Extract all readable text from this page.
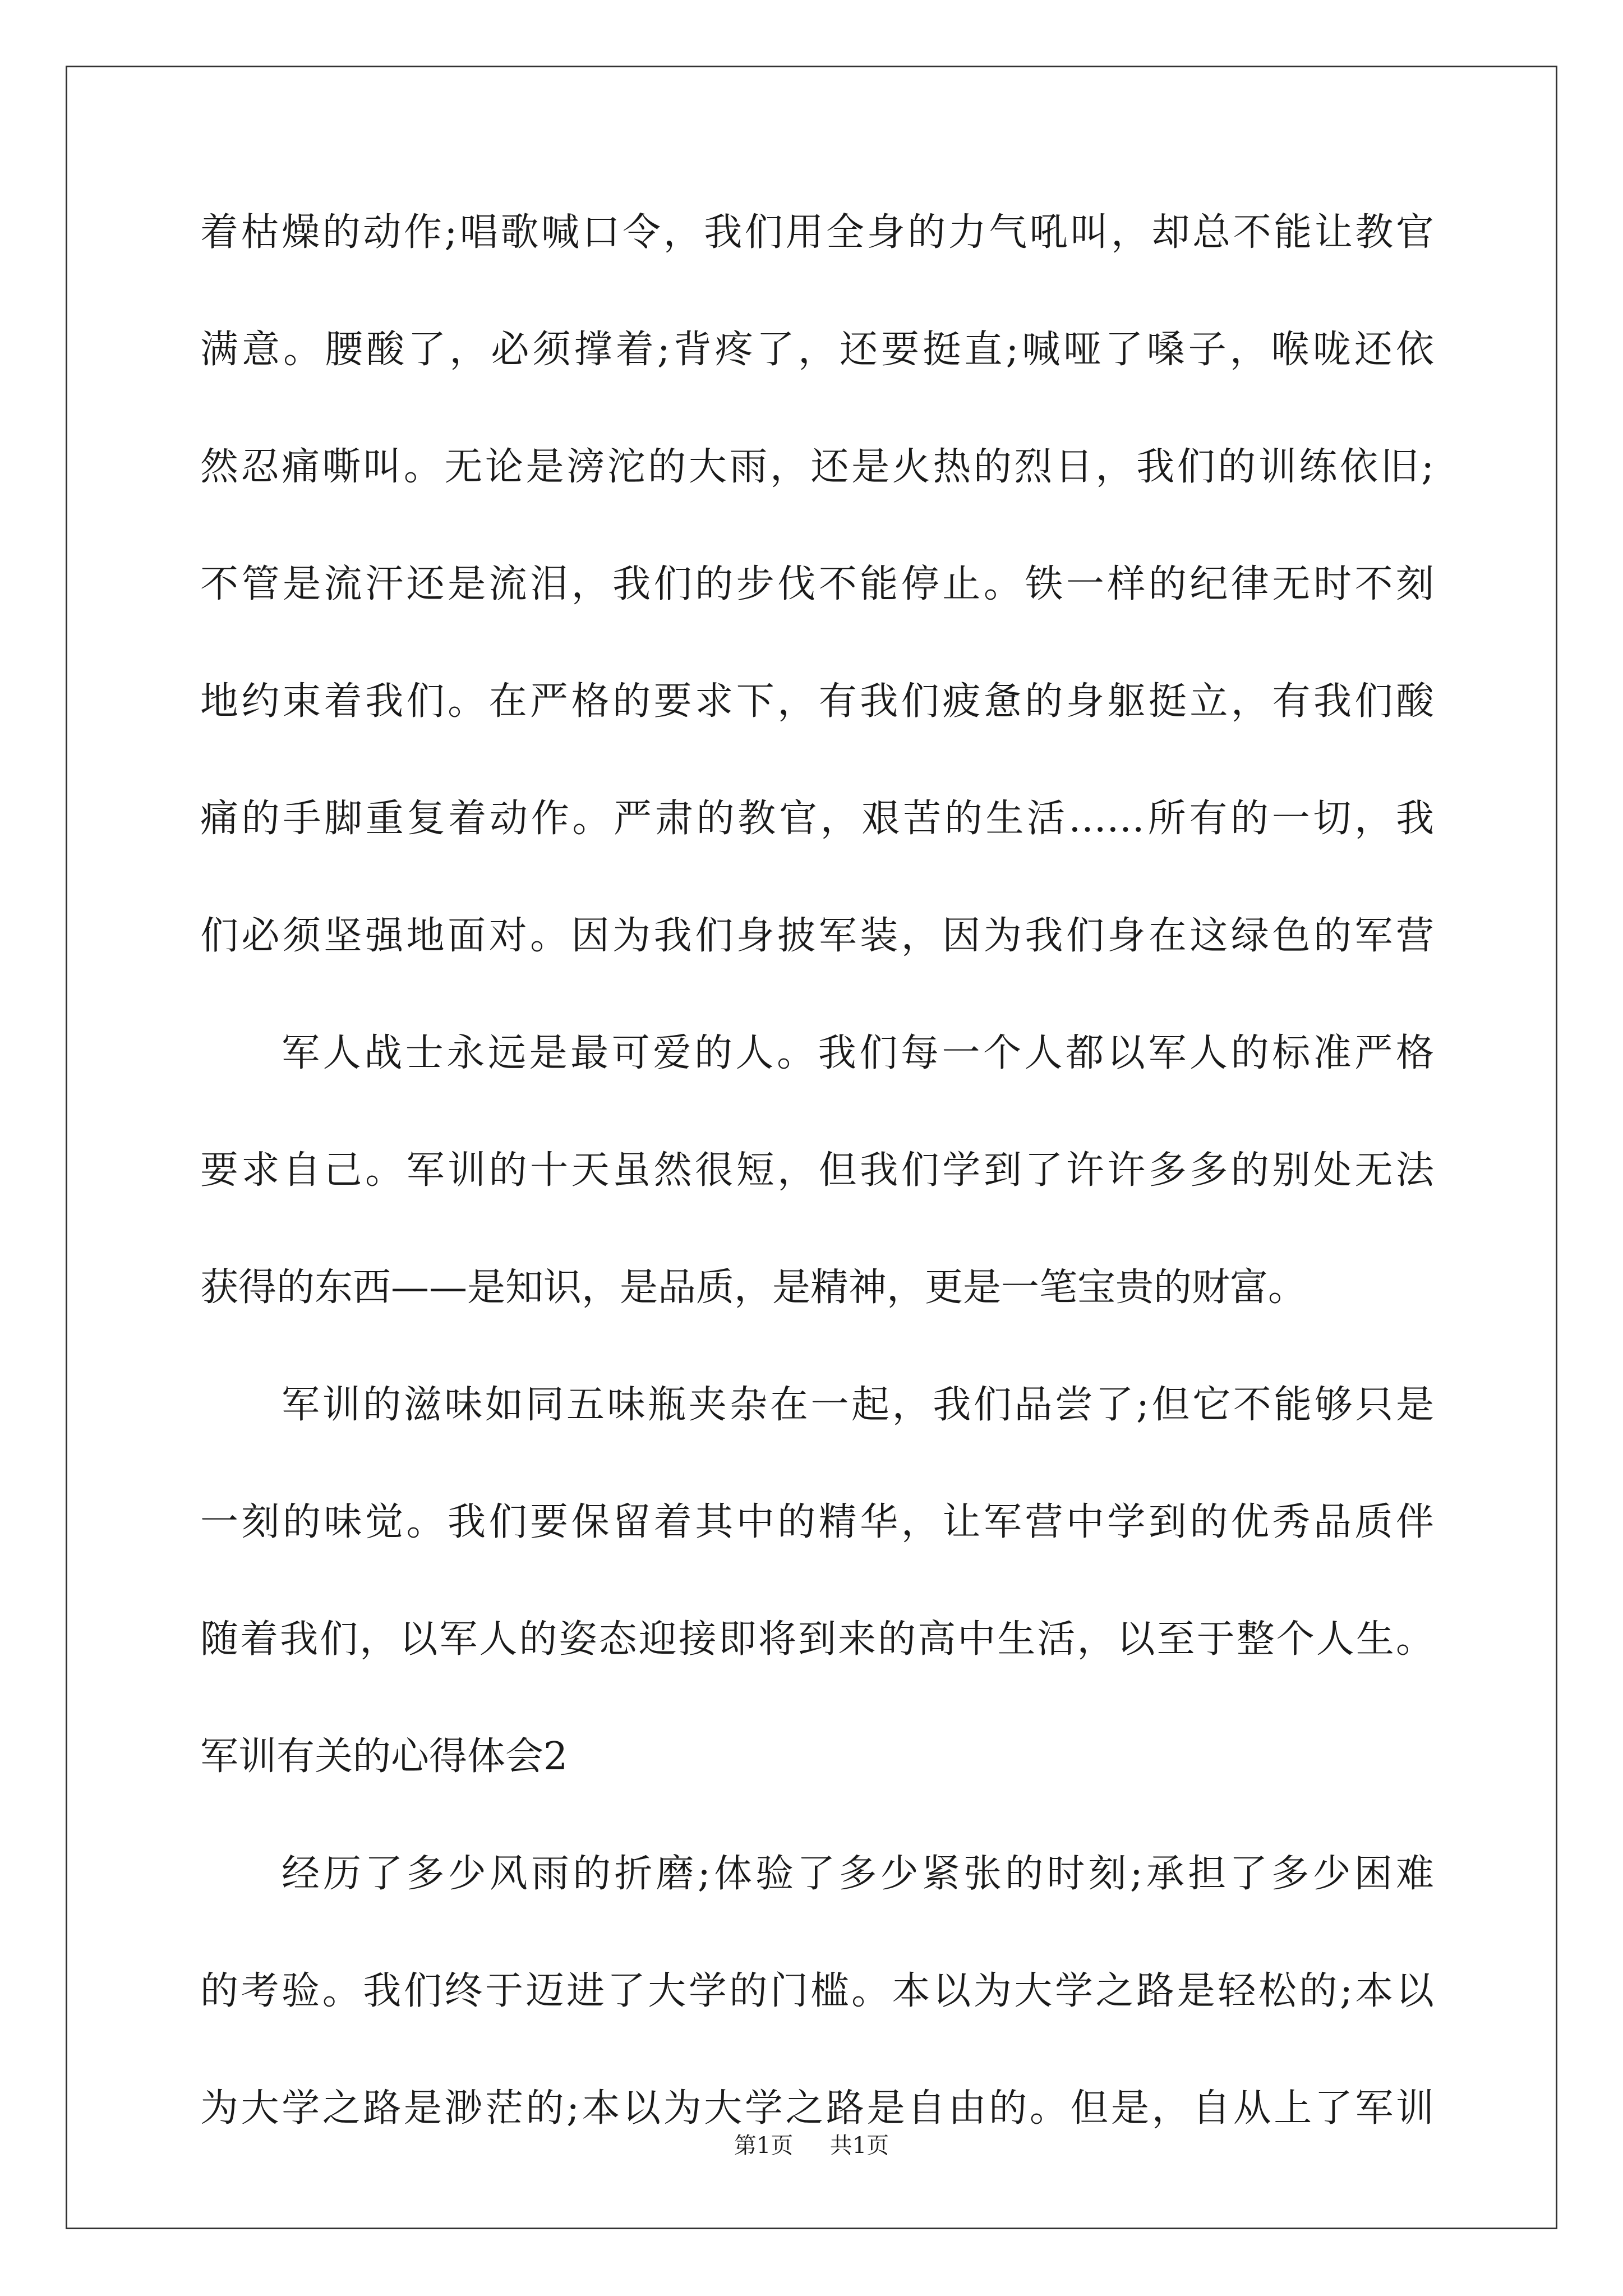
着枯燥的动作;唱歌喊口令，我们用全身的力气吼叫，却总不能让教官
满意。腰酸了，必须撑着;背疼了，还要挺直;喊哑了嗓子，喉咙还依
然忍痛嘶叫。无论是滂沱的大雨，还是火热的烈日，我们的训练依旧;
不管是流汗还是流泪，我们的步伐不能停止。铁一样的纪律无时不刻
地约束着我们。在严格的要求下，有我们疲惫的身躯挺立，有我们酸
痛的手脚重复着动作。严肃的教官，艰苦的生活……所有的一切，我
们必须坚强地面对。因为我们身披军装，因为我们身在这绿色的军营
军人战士永远是最可爱的人。我们每一个人都以军人的标准严格
要求自己。军训的十天虽然很短，但我们学到了许许多多的别处无法
获得的东西——是知识，是品质，是精神，更是一笔宝贵的财富。
军训的滋味如同五味瓶夹杂在一起，我们品尝了;但它不能够只是
一刻的味觉。我们要保留着其中的精华，让军营中学到的优秀品质伴
随着我们，以军人的姿态迎接即将到来的高中生活，以至于整个人生。
军训有关的心得体会2
经历了多少风雨的折磨;体验了多少紧张的时刻;承担了多少困难
的考验。我们终于迈进了大学的门槛。本以为大学之路是轻松的;本以
为大学之路是渺茫的;本以为大学之路是自由的。但是，自从上了军训
第1页 共1页
